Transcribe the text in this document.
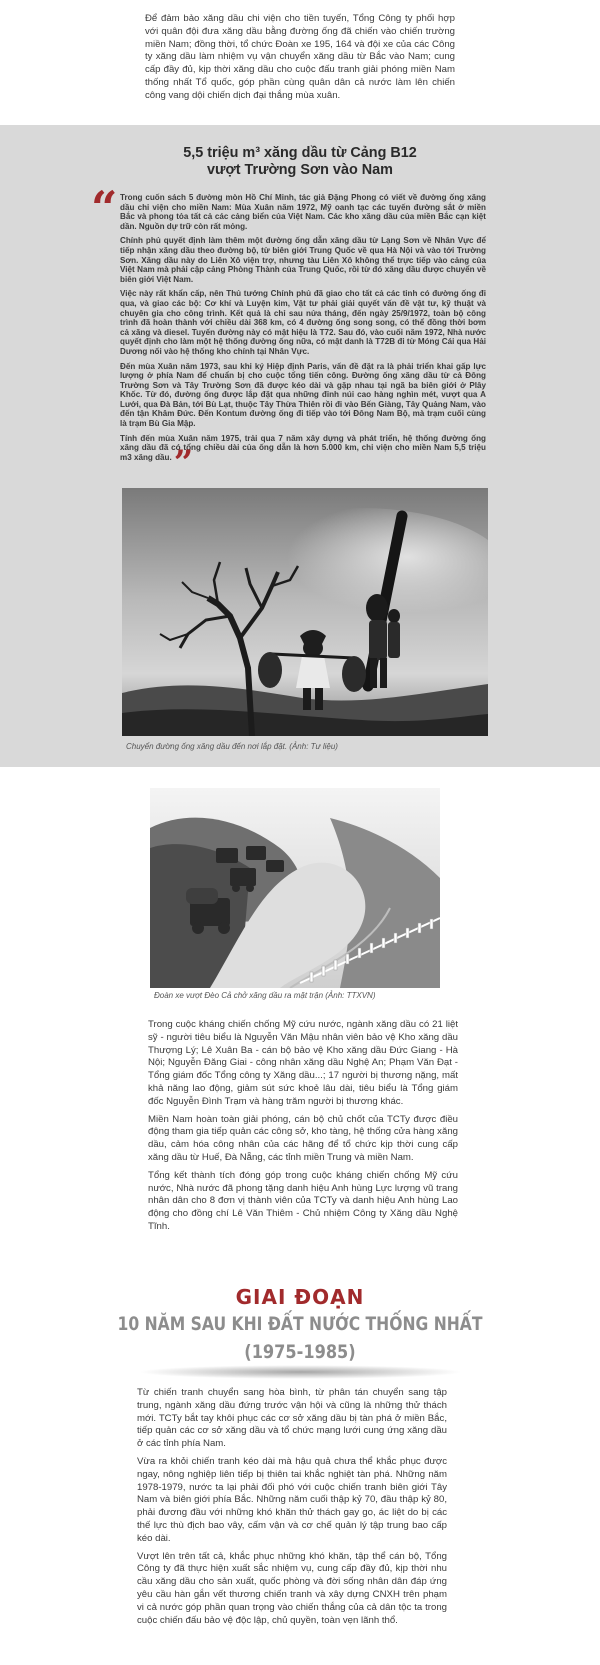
Để đảm bảo xăng dầu chi viện cho tiền tuyến, Tổng Công ty phối hợp với quân đội đưa xăng dầu bằng đường ống đã chiến vào chiến trường miền Nam; đồng thời, tổ chức Đoàn xe 195, 164 và đội xe của các Công ty xăng dầu làm nhiệm vụ vận chuyển xăng dầu từ Bắc vào Nam; cung cấp đầy đủ, kịp thời xăng dầu cho cuộc đấu tranh giải phóng miền Nam thống nhất Tổ quốc, góp phần cùng quân dân cả nước làm lên chiến công vang dội chiến dịch đại thắng mùa xuân.

5,5 triệu m³ xăng dầu từ Cảng B12
vượt Trường Sơn vào Nam
“ Trong cuốn sách 5 đường mòn Hồ Chí Minh, tác giả Đặng Phong có viết về đường ống xăng dầu chi viện cho miền Nam: Mùa Xuân năm 1972, Mỹ oanh tạc các tuyến đường sắt ở miền Bắc và phong tỏa tất cả các cảng biển của Việt Nam. Các kho xăng dầu của miền Bắc cạn kiệt dần. Nguồn dự trữ còn rất mỏng.

Chính phủ quyết định làm thêm một đường ống dẫn xăng dầu từ Lạng Sơn về Nhân Vực để tiếp nhận xăng dầu theo đường bộ, từ biên giới Trung Quốc về qua Hà Nội và vào tới Trường Sơn. Xăng dầu này do Liên Xô viện trợ, nhưng tàu Liên Xô không thể trực tiếp vào cảng của Việt Nam mà phải cập cảng Phòng Thành của Trung Quốc, rồi từ đó xăng dầu được chuyển về biên giới Việt Nam.

Việc này rất khẩn cấp, nên Thủ tướng Chính phủ đã giao cho tất cả các tỉnh có đường ống đi qua, và giao các bộ: Cơ khí và Luyện kim, Vật tư phải giải quyết vấn đề vật tư, kỹ thuật và chuyên gia cho công trình. Kết quả là chỉ sau nửa tháng, đến ngày 25/9/1972, toàn bộ công trình đã hoàn thành với chiều dài 368 km, có 4 đường ống song song, có thể đồng thời bơm cả xăng và diesel. Tuyến đường này có mật hiệu là T72. Sau đó, vào cuối năm 1972, Nhà nước quyết định cho làm một hệ thống đường ống nữa, có mật danh là T72B đi từ Móng Cái qua Hải Dương nối vào hệ thống kho chính tại Nhân Vực.

Đến mùa Xuân năm 1973, sau khi ký Hiệp định Paris, vấn đề đặt ra là phải triển khai gấp lực lượng ở phía Nam để chuẩn bị cho cuộc tổng tiến công. Đường ống xăng dầu từ cả Đông Trường Sơn và Tây Trường Sơn đã được kéo dài và gặp nhau tại ngã ba biên giới ở Plây Khốc. Từ đó, đường ống được lắp đặt qua những đỉnh núi cao hàng nghìn mét, vượt qua A Lưới, qua Đà Bản, tới Bù Lạt, thuộc Tây Thừa Thiên rồi đi vào Bến Giàng, Tây Quảng Nam, vào đến tận Khâm Đức. Đến Kontum đường ống đi tiếp vào tới Đông Nam Bộ, mà trạm cuối cùng là trạm Bù Gia Mập.

Tính đến mùa Xuân năm 1975, trải qua 7 năm xây dựng và phát triển, hệ thống đường ống xăng dầu đã có tổng chiều dài của ống dẫn là hơn 5.000 km, chi viện cho miền Nam 5,5 triệu m3 xăng dầu.”

Chuyển đường ống xăng dầu đến nơi lắp đặt. (Ảnh: Tư liệu)
Đoàn xe vượt Đèo Cả chở xăng dầu ra mặt trận (Ảnh: TTXVN)

Trong cuộc kháng chiến chống Mỹ cứu nước, ngành xăng dầu có 21 liệt sỹ - người tiêu biểu là Nguyễn Văn Mậu nhân viên bảo vệ Kho xăng dầu Thượng Lý; Lê Xuân Ba - cán bộ bảo vệ Kho xăng dầu Đức Giang - Hà Nội; Nguyễn Đăng Giai - công nhân xăng dầu Nghệ An; Phạm Văn Đạt - Tổng giám đốc Tổng công ty Xăng dầu...; 17 người bị thương nặng, mất khả năng lao động, giảm sút sức khoẻ lâu dài, tiêu biểu là Tổng giám đốc Nguyễn Đình Trạm và hàng trăm người bị thương khác.

Miền Nam hoàn toàn giải phóng, cán bộ chủ chốt của TCTy được điều động tham gia tiếp quản các công sở, kho tàng, hệ thống cửa hàng xăng dầu, cảm hóa công nhân của các hãng để tổ chức kịp thời cung cấp xăng dầu từ Huế, Đà Nẵng, các tỉnh miền Trung và miền Nam.

Tổng kết thành tích đóng góp trong cuộc kháng chiến chống Mỹ cứu nước, Nhà nước đã phong tặng danh hiệu Anh hùng Lực lượng vũ trang nhân dân cho 8 đơn vị thành viên của TCTy và danh hiệu Anh hùng Lao động cho đồng chí Lê Văn Thiêm - Chủ nhiệm Công ty Xăng dầu Nghệ Tĩnh.

GIAI ĐOẠN
10 NĂM SAU KHI ĐẤT NƯỚC THỐNG NHẤT
(1975-1985)

Từ chiến tranh chuyển sang hòa bình, từ phân tán chuyển sang tập trung, ngành xăng dầu đứng trước vận hội và cũng là những thử thách mới. TCTy bắt tay khôi phục các cơ sở xăng dầu bị tàn phá ở miền Bắc, tiếp quản các cơ sở xăng dầu và tổ chức mạng lưới cung ứng xăng dầu ở các tỉnh phía Nam.

Vừa ra khỏi chiến tranh kéo dài mà hậu quả chưa thể khắc phục được ngay, nông nghiệp liên tiếp bị thiên tai khắc nghiệt tàn phá. Những năm 1978-1979, nước ta lại phải đối phó với cuộc chiến tranh biên giới Tây Nam và biên giới phía Bắc. Những năm cuối thập kỷ 70, đầu thập kỷ 80, phải đương đầu với những khó khăn thử thách gay go, ác liệt do bị các thế lực thù địch bao vây, cấm vận và cơ chế quản lý tập trung bao cấp kéo dài.

Vượt lên trên tất cả, khắc phục những khó khăn, tập thể cán bộ, Tổng Công ty đã thực hiện xuất sắc nhiệm vụ, cung cấp đầy đủ, kịp thời nhu cầu xăng dầu cho sản xuất, quốc phòng và đời sống nhân dân đáp ứng yêu cầu hàn gắn vết thương chiến tranh và xây dựng CNXH trên phạm vi cả nước góp phần quan trọng vào chiến thắng của cả dân tộc ta trong cuộc chiến đấu bảo vệ độc lập, chủ quyền, toàn vẹn lãnh thổ.
